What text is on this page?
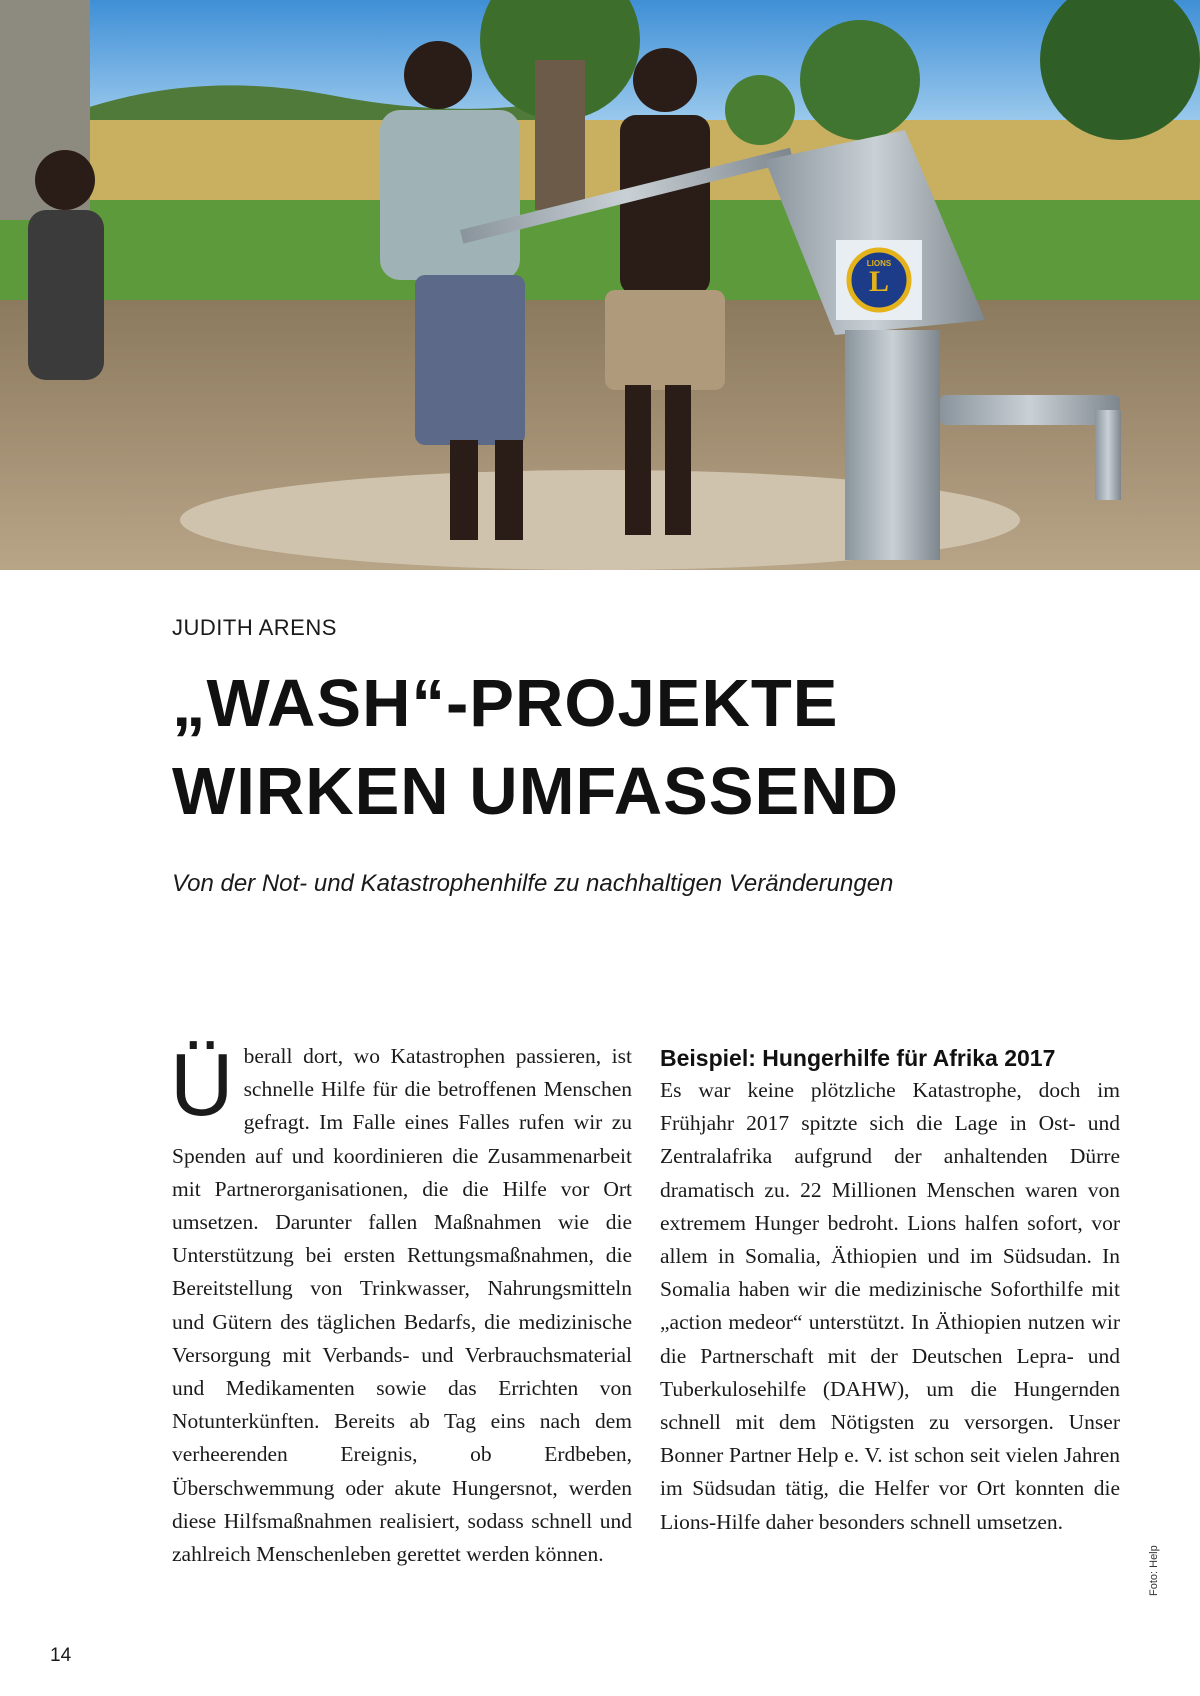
L
LIONS
JUDITH ARENS
„WASH“-PROJEKTE
WIRKEN UMFASSEND
Von der Not- und Katastrophenhilfe zu nachhaltigen Veränderungen
Ü berall dort, wo Katastrophen passieren, ist schnelle Hilfe für die betroffenen Menschen gefragt. Im Falle eines Falles rufen wir zu Spenden auf und koordinieren die Zusammenarbeit mit Partnerorganisationen, die die Hilfe vor Ort umsetzen. Darunter fallen Maßnahmen wie die Unterstützung bei ersten Rettungsmaßnahmen, die Bereitstellung von Trinkwasser, Nahrungsmitteln und Gütern des täglichen Bedarfs, die medizinische Versorgung mit Verbands- und Verbrauchsmaterial und Medikamenten sowie das Errichten von Notunterkünften. Bereits ab Tag eins nach dem verheerenden Ereignis, ob Erdbeben, Überschwemmung oder akute Hungersnot, werden diese Hilfsmaßnahmen realisiert, sodass schnell und zahlreich Menschenleben gerettet werden können.

Beispiel: Hungerhilfe für Afrika 2017

Es war keine plötzliche Katastrophe, doch im Frühjahr 2017 spitzte sich die Lage in Ost- und Zentralafrika aufgrund der anhaltenden Dürre dramatisch zu. 22 Millionen Menschen waren von extremem Hunger bedroht. Lions halfen sofort, vor allem in Somalia, Äthiopien und im Südsudan. In Somalia haben wir die medizinische Soforthilfe mit „action medeor“ unterstützt. In Äthiopien nutzen wir die Partnerschaft mit der Deutschen Lepra- und Tuberkulosehilfe (DAHW), um die Hungernden schnell mit dem Nötigsten zu versorgen. Unser Bonner Partner Help e. V. ist schon seit vielen Jahren im Südsudan tätig, die Helfer vor Ort konnten die Lions-Hilfe daher besonders schnell umsetzen.

Foto: Help
14
